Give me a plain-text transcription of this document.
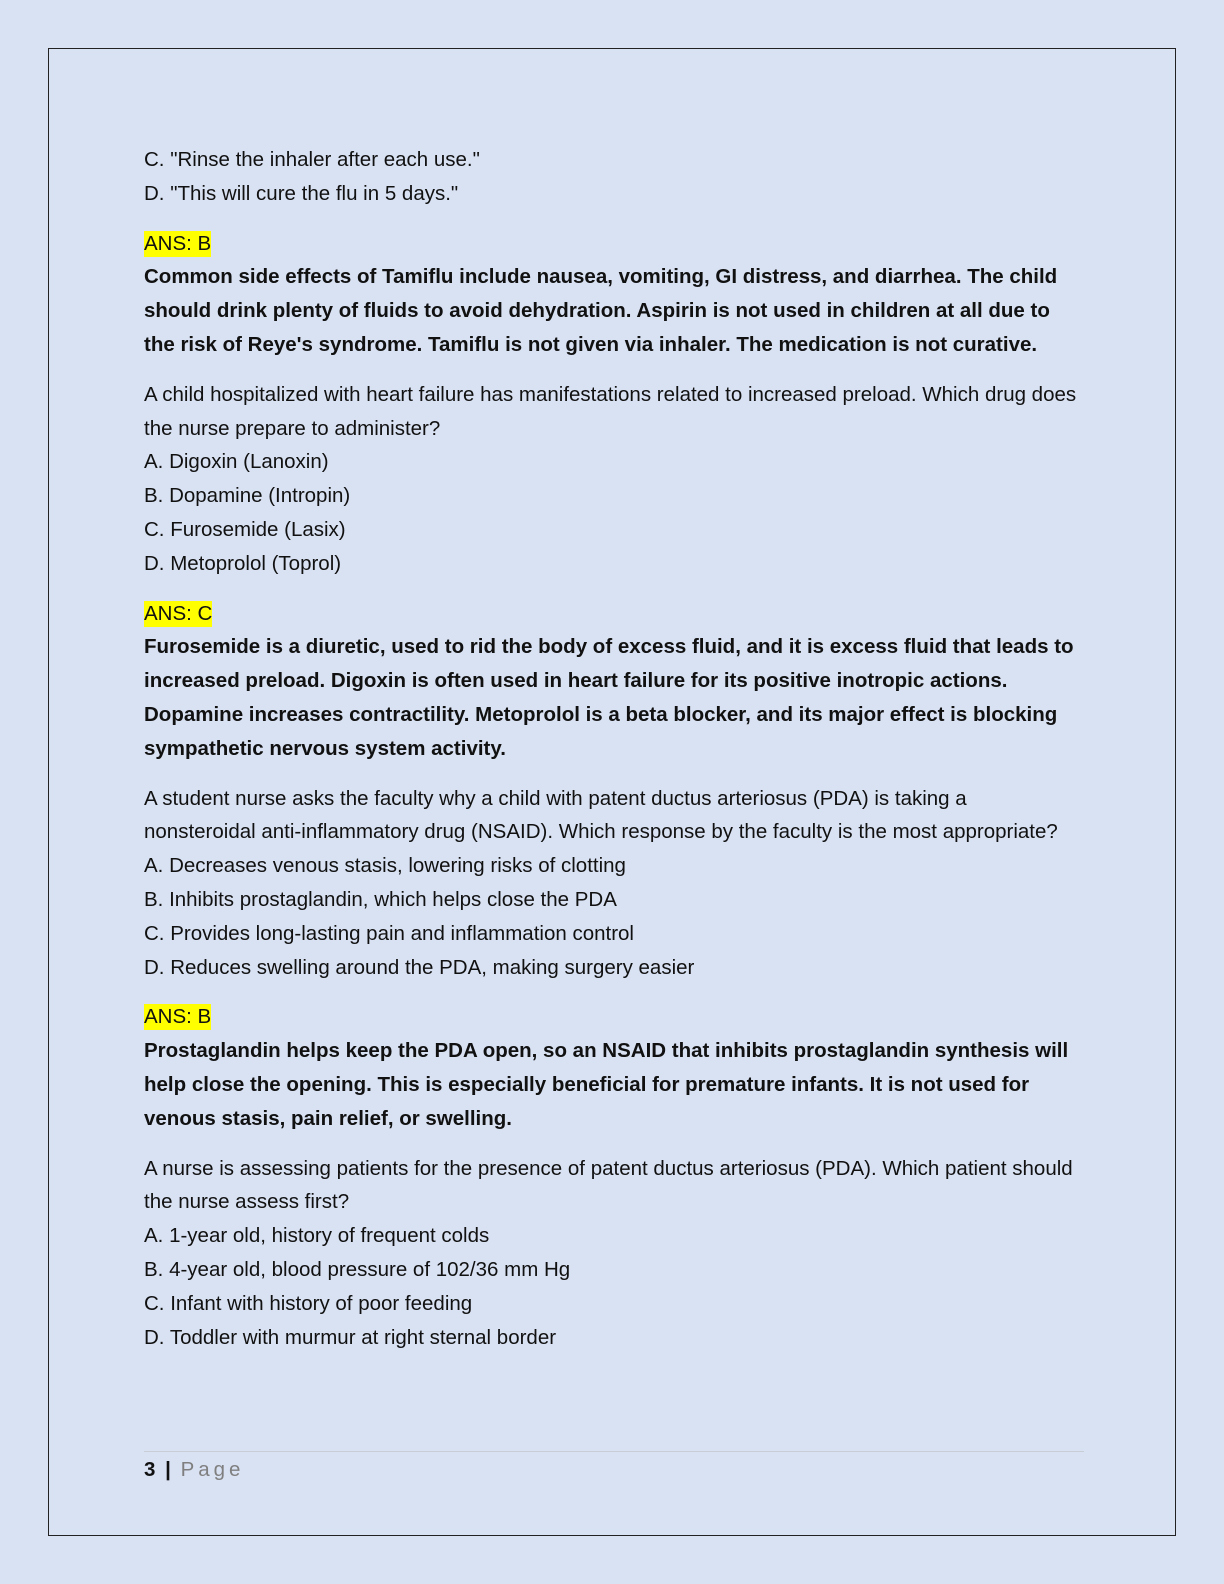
C. "Rinse the inhaler after each use."

D. "This will cure the flu in 5 days."

ANS: B

Common side effects of Tamiflu include nausea, vomiting, GI distress, and diarrhea. The child should drink plenty of fluids to avoid dehydration. Aspirin is not used in children at all due to the risk of Reye's syndrome. Tamiflu is not given via inhaler. The medication is not curative.

A child hospitalized with heart failure has manifestations related to increased preload. Which drug does the nurse prepare to administer?

A. Digoxin (Lanoxin)

B. Dopamine (Intropin)

C. Furosemide (Lasix)

D. Metoprolol (Toprol)

ANS: C

Furosemide is a diuretic, used to rid the body of excess fluid, and it is excess fluid that leads to increased preload. Digoxin is often used in heart failure for its positive inotropic actions. Dopamine increases contractility. Metoprolol is a beta blocker, and its major effect is blocking sympathetic nervous system activity.

A student nurse asks the faculty why a child with patent ductus arteriosus (PDA) is taking a nonsteroidal anti-inflammatory drug (NSAID). Which response by the faculty is the most appropriate?

A. Decreases venous stasis, lowering risks of clotting

B. Inhibits prostaglandin, which helps close the PDA

C. Provides long-lasting pain and inflammation control

D. Reduces swelling around the PDA, making surgery easier

ANS: B

Prostaglandin helps keep the PDA open, so an NSAID that inhibits prostaglandin synthesis will help close the opening. This is especially beneficial for premature infants. It is not used for venous stasis, pain relief, or swelling.

A nurse is assessing patients for the presence of patent ductus arteriosus (PDA). Which patient should the nurse assess first?

A. 1-year old, history of frequent colds

B. 4-year old, blood pressure of 102/36 mm Hg

C. Infant with history of poor feeding

D. Toddler with murmur at right sternal border

3 | Page
